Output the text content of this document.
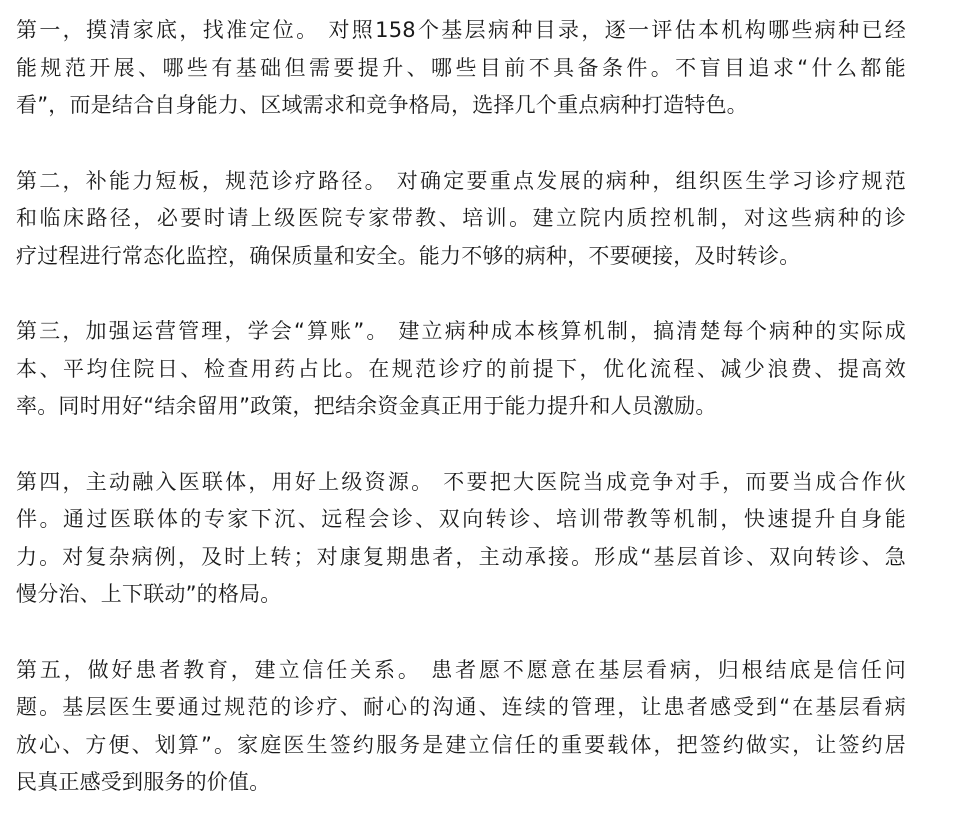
第一，摸清家底，找准定位。 对照158个基层病种目录，逐一评估本机构哪些病种已经
能规范开展、哪些有基础但需要提升、哪些目前不具备条件。不盲目追求“什么都能
看”，而是结合自身能力、区域需求和竞争格局，选择几个重点病种打造特色。

第二，补能力短板，规范诊疗路径。 对确定要重点发展的病种，组织医生学习诊疗规范
和临床路径，必要时请上级医院专家带教、培训。建立院内质控机制，对这些病种的诊
疗过程进行常态化监控，确保质量和安全。能力不够的病种，不要硬接，及时转诊。

第三，加强运营管理，学会“算账”。 建立病种成本核算机制，搞清楚每个病种的实际成
本、平均住院日、检查用药占比。在规范诊疗的前提下，优化流程、减少浪费、提高效
率。同时用好“结余留用”政策，把结余资金真正用于能力提升和人员激励。

第四，主动融入医联体，用好上级资源。 不要把大医院当成竞争对手，而要当成合作伙
伴。通过医联体的专家下沉、远程会诊、双向转诊、培训带教等机制，快速提升自身能
力。对复杂病例，及时上转；对康复期患者，主动承接。形成“基层首诊、双向转诊、急
慢分治、上下联动”的格局。

第五，做好患者教育，建立信任关系。 患者愿不愿意在基层看病，归根结底是信任问
题。基层医生要通过规范的诊疗、耐心的沟通、连续的管理，让患者感受到“在基层看病
放心、方便、划算”。家庭医生签约服务是建立信任的重要载体，把签约做实，让签约居
民真正感受到服务的价值。
